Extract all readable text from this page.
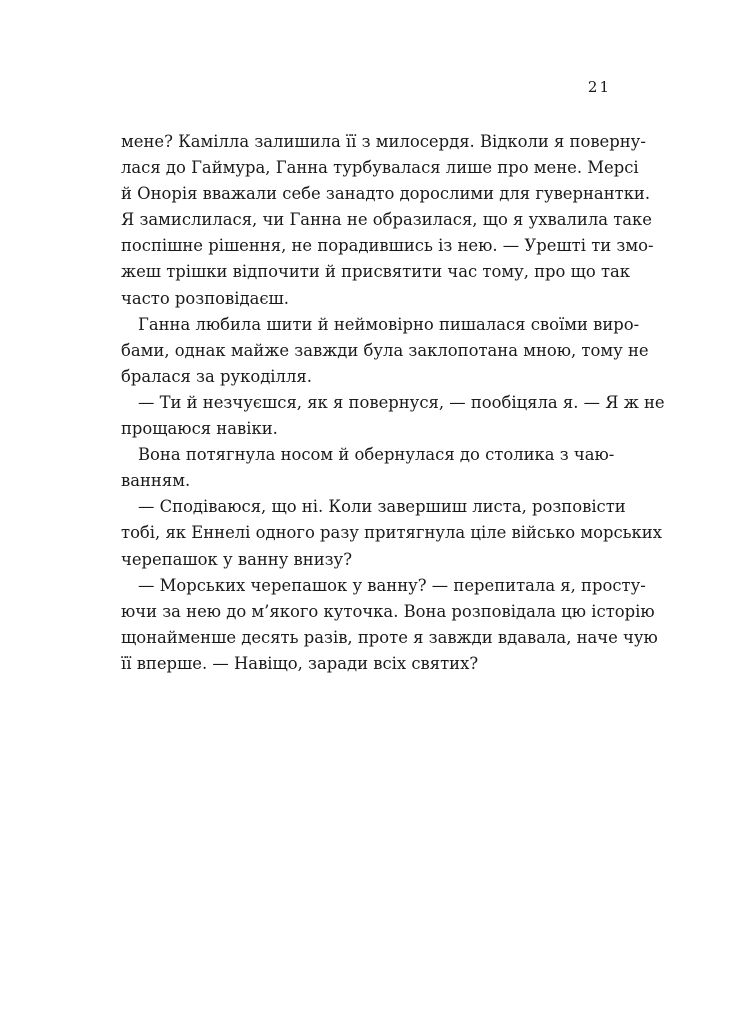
21
мене? Камілла залишила її з милосердя. Відколи я поверну-
лася до Гаймура, Ганна турбувалася лише про мене. Мерсі
й Онорія вважали себе занадто дорослими для гувернантки.
Я замислилася, чи Ганна не образилася, що я ухвалила таке
поспішне рішення, не порадившись із нею. — Урешті ти змо-
жеш трішки відпочити й присвятити час тому, про що так
часто розповідаєш.
Ганна любила шити й неймовірно пишалася своїми виро-
бами, однак майже завжди була заклопотана мною, тому не
бралася за рукоділля.
— Ти й незчуєшся, як я повернуся, — пообіцяла я. — Я ж не
прощаюся навіки.
Вона потягнула носом й обернулася до столика з чаю-
ванням.
— Сподіваюся, що ні. Коли завершиш листа, розповісти
тобі, як Еннелі одного разу притягнула ціле військо морських
черепашок у ванну внизу?
— Морських черепашок у ванну? — перепитала я, просту-
ючи за нею до м’якого куточка. Вона розповідала цю історію
щонайменше десять разів, проте я завжди вдавала, наче чую
її вперше. — Навіщо, заради всіх святих?
